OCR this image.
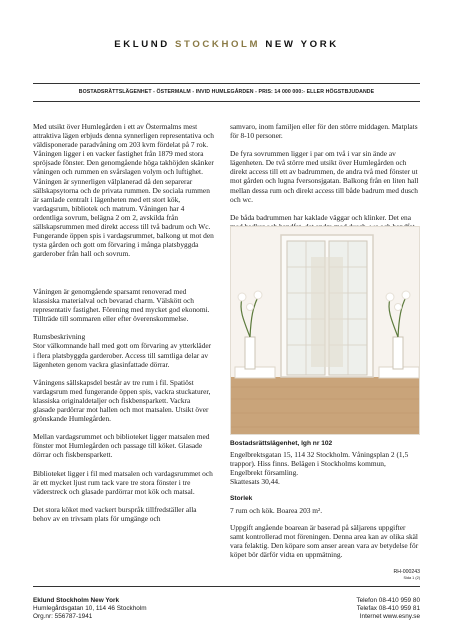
EKLUND STOCKHOLM NEW YORK
BOSTADSRÄTTSLÄGENHET - ÖSTERMALM - INVID HUMLEGÅRDEN - PRIS: 14 000 000:- ELLER HÖGSTBJUDANDE

Med utsikt över Humlegården i ett av Östermalms mest attraktiva lägen erbjuds denna synnerligen representativa och väldisponerade paradvåning om 203 kvm fördelat på 7 rok. Våningen ligger i en vacker fastighet från 1879 med stora spröjsade fönster. Den genomgående höga takhöjden skänker våningen och rummen en svårslagen volym och luftighet. Våningen är synnerligen välplanerad då den separerar sällskapsytorna och de privata rummen. De sociala rummen är samlade centralt i lägenheten med ett stort kök, vardagsrum, bibliotek och matrum. Våningen har 4 ordentliga sovrum, belägna 2 om 2, avskilda från sällskapsrummen med direkt access till två badrum och Wc. Fungerande öppen spis i vardagsrummet, balkong ut mot den tysta gården och gott om förvaring i många platsbyggda garderober från hall och sovrum.

Våningen är genomgående sparsamt renoverad med klassiska materialval och bevarad charm. Välskött och representativ fastighet. Förening med mycket god ekonomi. Tillträde till sommaren eller efter överenskommelse.

Rumsbeskrivning
Stor välkomnande hall med gott om förvaring av ytterkläder i flera platsbyggda garderober. Access till samtliga delar av lägenheten genom vackra glasinfattade dörrar.

Våningens sällskapsdel består av tre rum i fil. Spatiöst vardagsrum med fungerande öppen spis, vackra stuckaturer, klassiska originaldetaljer och fiskbensparkett. Vackra glasade pardörrar mot hallen och mot matsalen. Utsikt över grönskande Humlegården.

Mellan vardagsrummet och biblioteket ligger matsalen med fönster mot Humlegården och passage till köket. Glasade dörrar och fiskbensparkett.

Biblioteket ligger i fil med matsalen och vardagsrummet och är ett mycket ljust rum tack vare tre stora fönster i tre väderstreck och glasade pardörrar mot kök och matsal.

Det stora köket med vackert burspråk tillfredställer alla behov av en trivsam plats för umgänge och

samvaro, inom familjen eller för den större middagen. Matplats för 8-10 personer.

De fyra sovrummen ligger i par om två i var sin ände av lägenheten. De två större med utsikt över Humlegården och direkt access till ett av badrummen, de andra två med fönster ut mot gården och lugna fversonsjgatan. Balkong från en liten hall mellan dessa rum och direkt access till både badrum med dusch och wc.

De båda badrummen har kaklade väggar och klinker. Det ena

Bostadsrättslägenhet, lgh nr 102

Engelbrektsgatan 15, 114 32 Stockholm. Våningsplan 2 (1,5 trappor). Hiss finns. Belägen i Stockholms kommun, Engelbrekt församling.
Skattesats 30,44.

Storlek

7 rum och kök. Boarea 203 m².

Uppgift angående boarean är baserad på säljarens uppgifter samt kontrollerad mot föreningen. Denna area kan av olika skäl vara felaktig. Den köpare som anser arean vara av betydelse för köpet bör därför vidta en uppmätning.

RH-000243
Sida 1 (2)
Eklund Stockholm New York
Humlegårdsgatan 10, 114 46 Stockholm
Org.nr: 556787-1941
Telefon 08-410 959 80
Telefax 08-410 959 81
Internet www.esny.se
